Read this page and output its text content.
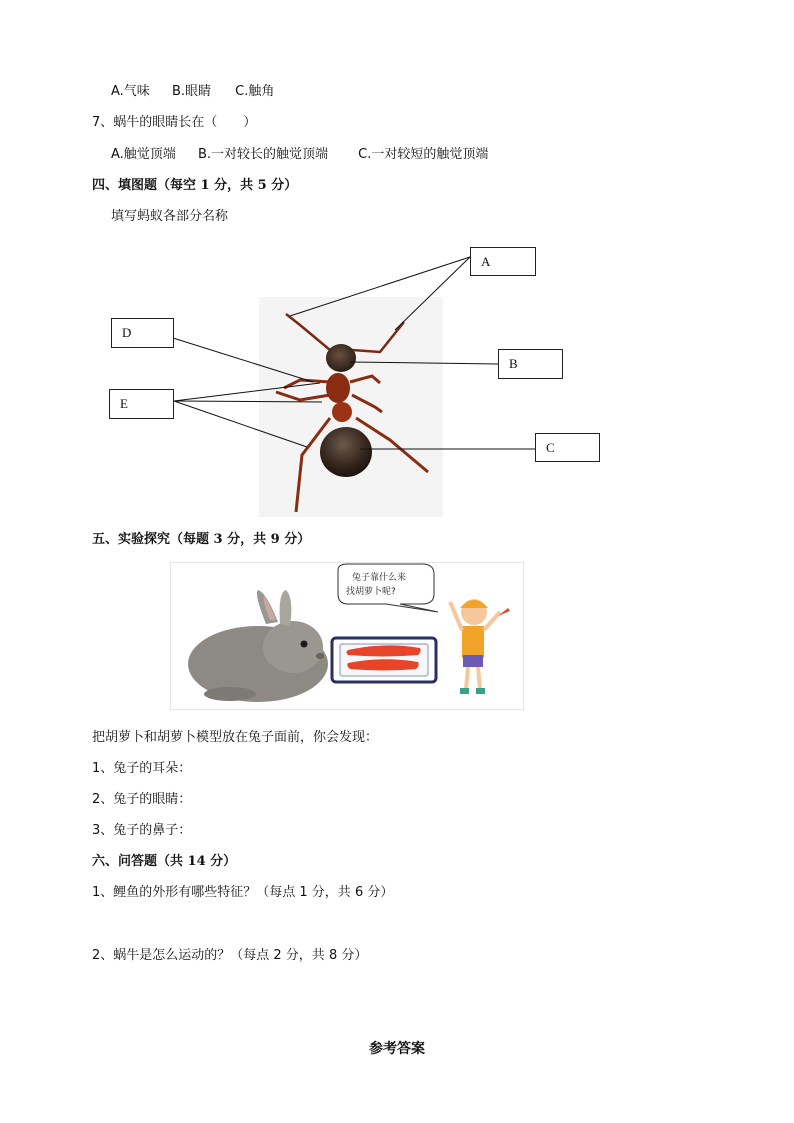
A.气味 B.眼睛 C.触角
7、蜗牛的眼睛长在（　　）
A.触觉顶端 B.一对较长的触觉顶端 C.一对较短的触觉顶端
四、填图题（每空 1 分，共 5 分）
填写蚂蚁各部分名称
A
B
C
D
E
五、实验探究（每题 3 分，共 9 分）
兔子靠什么来
找胡萝卜呢?
把胡萝卜和胡萝卜模型放在兔子面前，你会发现：
1、兔子的耳朵：
2、兔子的眼睛：
3、兔子的鼻子：
六、问答题（共 14 分）
1、鲤鱼的外形有哪些特征？（每点 1 分，共 6 分）
2、蜗牛是怎么运动的？（每点 2 分，共 8 分）
参考答案
